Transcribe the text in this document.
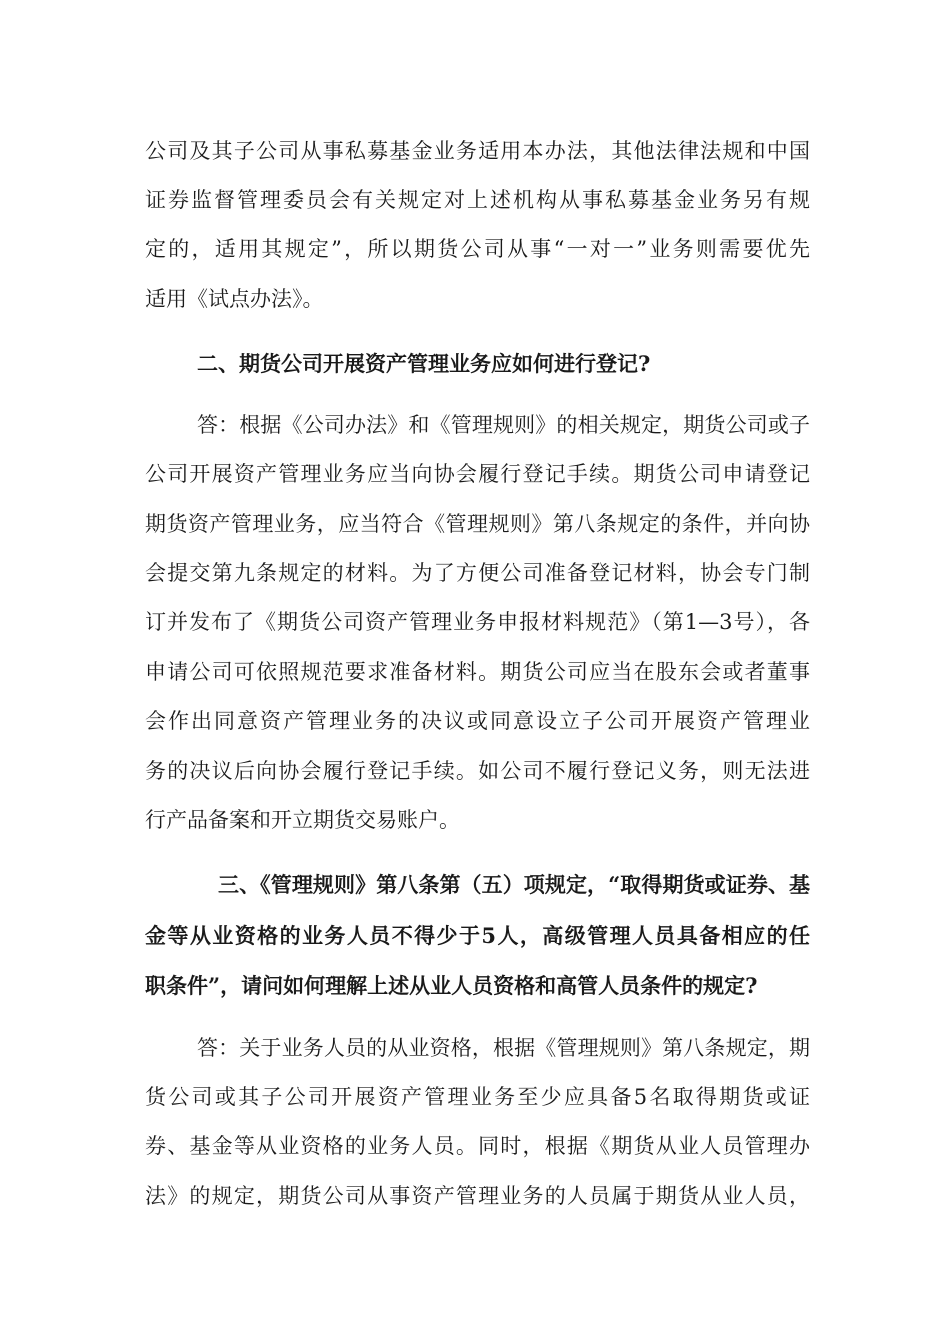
公司及其子公司从事私募基金业务适用本办法，其他法律法规和中国
证券监督管理委员会有关规定对上述机构从事私募基金业务另有规
定的，适用其规定”，所以期货公司从事“一对一”业务则需要优先
适用《试点办法》。
二、期货公司开展资产管理业务应如何进行登记?
答：根据《公司办法》和《管理规则》的相关规定，期货公司或子
公司开展资产管理业务应当向协会履行登记手续。期货公司申请登记
期货资产管理业务，应当符合《管理规则》第八条规定的条件，并向协
会提交第九条规定的材料。为了方便公司准备登记材料，协会专门制
订并发布了《期货公司资产管理业务申报材料规范》（第1—3号），各
申请公司可依照规范要求准备材料。期货公司应当在股东会或者董事
会作出同意资产管理业务的决议或同意设立子公司开展资产管理业
务的决议后向协会履行登记手续。如公司不履行登记义务，则无法进
行产品备案和开立期货交易账户。
三、《管理规则》第八条第（五）项规定，“取得期货或证券、基
金等从业资格的业务人员不得少于5人，高级管理人员具备相应的任
职条件”，请问如何理解上述从业人员资格和高管人员条件的规定?
答：关于业务人员的从业资格，根据《管理规则》第八条规定，期
货公司或其子公司开展资产管理业务至少应具备5名取得期货或证
券、基金等从业资格的业务人员。同时，根据《期货从业人员管理办
法》的规定，期货公司从事资产管理业务的人员属于期货从业人员，
